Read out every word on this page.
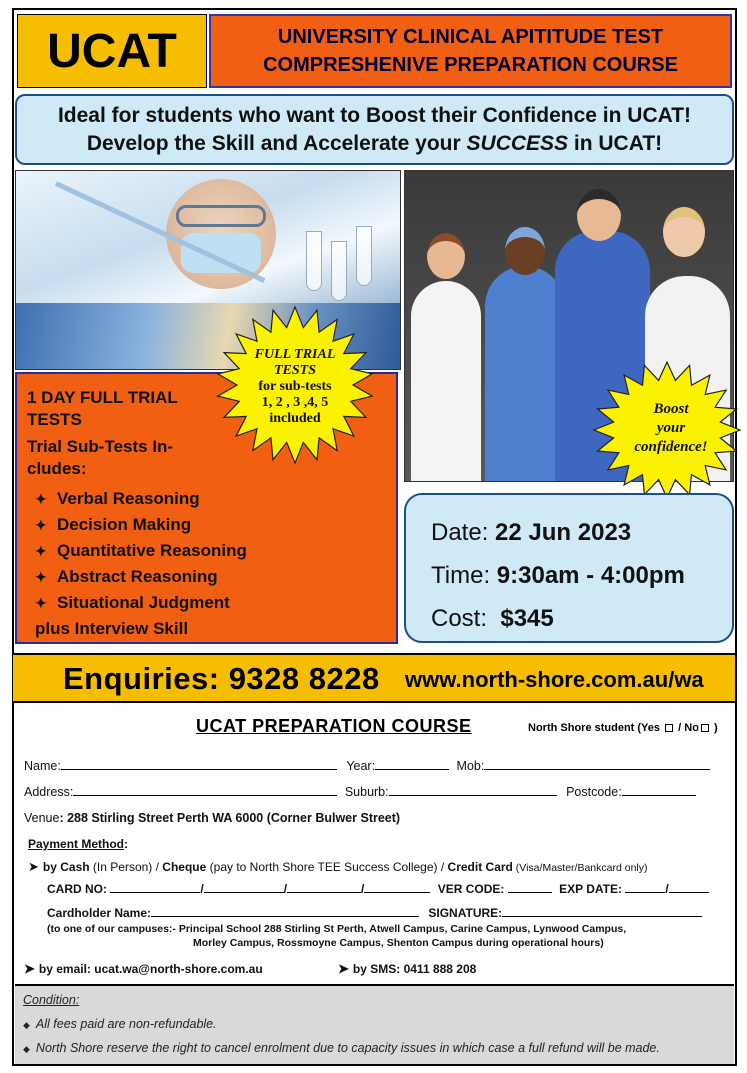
UCAT	UNIVERSITY CLINICAL APITITUDE TEST
COMPRESHENIVE PREPARATION COURSE
Ideal for students who want to Boost their Confidence in UCAT!
Develop the Skill and Accelerate your SUCCESS in UCAT!
1 DAY FULL TRIAL TESTS
Trial Sub-Tests In-cludes:
✦ Verbal Reasoning
✦ Decision Making
✦ Quantitative Reasoning
✦ Abstract Reasoning
✦ Situational Judgment
plus Interview Skill
FULL TRIAL
TESTS
for sub-tests
1, 2 , 3 ,4, 5
included
Boost
your
confidence!
Date: 22 Jun 2023
Time: 9:30am - 4:00pm
Cost: $345
Enquiries: 9328 8228 www.north-shore.com.au/wa
UCAT PREPARATION COURSE	North Shore student (Yes / No )
Name:	Year:	Mob:
Address:	Suburb:	Postcode:
Venue: 288 Stirling Street Perth WA 6000 (Corner Bulwer Street)
Payment Method:
➤ by Cash (In Person) / Cheque (pay to North Shore TEE Success College) / Credit Card (Visa/Master/Bankcard only)
CARD NO:	/	/	/	VER CODE:	EXP DATE:	/
Cardholder Name:	SIGNATURE:
(to one of our campuses:- Principal School 288 Stirling St Perth, Atwell Campus, Carine Campus, Lynwood Campus,
Morley Campus, Rossmoyne Campus, Shenton Campus during operational hours)
➤ by email: ucat.wa@north-shore.com.au	➤ by SMS: 0411 888 208
Condition:
◆ All fees paid are non-refundable.
◆ North Shore reserve the right to cancel enrolment due to capacity issues in which case a full refund will be made.
